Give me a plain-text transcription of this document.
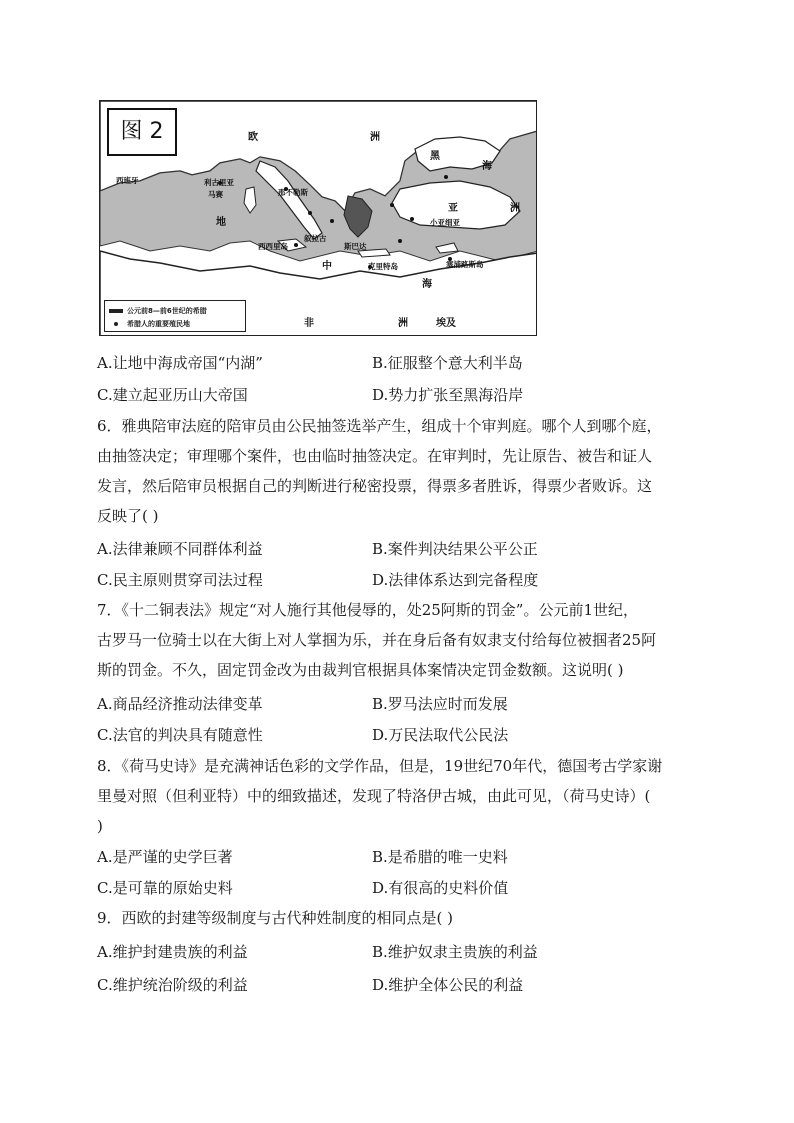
图 2	欧	洲
西班牙	利古里亚
马赛	那不勒斯
地
叙拉古
西西里岛	斯巴达
中	克里特岛
黑
海
亚	洲
小亚细亚
塞浦路斯岛
海
非	洲	埃及
公元前8—前6世纪的希腊
希腊人的重要殖民地
A.让地中海成帝国“内湖”	B.征服整个意大利半岛
C.建立起亚历山大帝国	D.势力扩张至黑海沿岸
6．雅典陪审法庭的陪审员由公民抽签选举产生，组成十个审判庭。哪个人到哪个庭，
由抽签决定；审理哪个案件，也由临时抽签决定。在审判时，先让原告、被告和证人
发言，然后陪审员根据自己的判断进行秘密投票，得票多者胜诉，得票少者败诉。这
反映了( )
A.法律兼顾不同群体利益	B.案件判决结果公平公正
C.民主原则贯穿司法过程	D.法律体系达到完备程度
7．《十二铜表法》规定“对人施行其他侵辱的，处25阿斯的罚金”。公元前1世纪，
古罗马一位骑士以在大街上对人掌掴为乐，并在身后备有奴隶支付给每位被掴者25阿
斯的罚金。不久，固定罚金改为由裁判官根据具体案情决定罚金数额。这说明( )
A.商品经济推动法律变革	B.罗马法应时而发展
C.法官的判决具有随意性	D.万民法取代公民法
8．《荷马史诗》是充满神话色彩的文学作品，但是，19世纪70年代，德国考古学家谢
里曼对照（但利亚特）中的细致描述，发现了特洛伊古城，由此可见，（荷马史诗）(
)
A.是严谨的史学巨著	B.是希腊的唯一史料
C.是可靠的原始史料	D.有很高的史料价值
9．西欧的封建等级制度与古代种姓制度的相同点是( )
A.维护封建贵族的利益	B.维护奴隶主贵族的利益
C.维护统治阶级的利益	D.维护全体公民的利益
